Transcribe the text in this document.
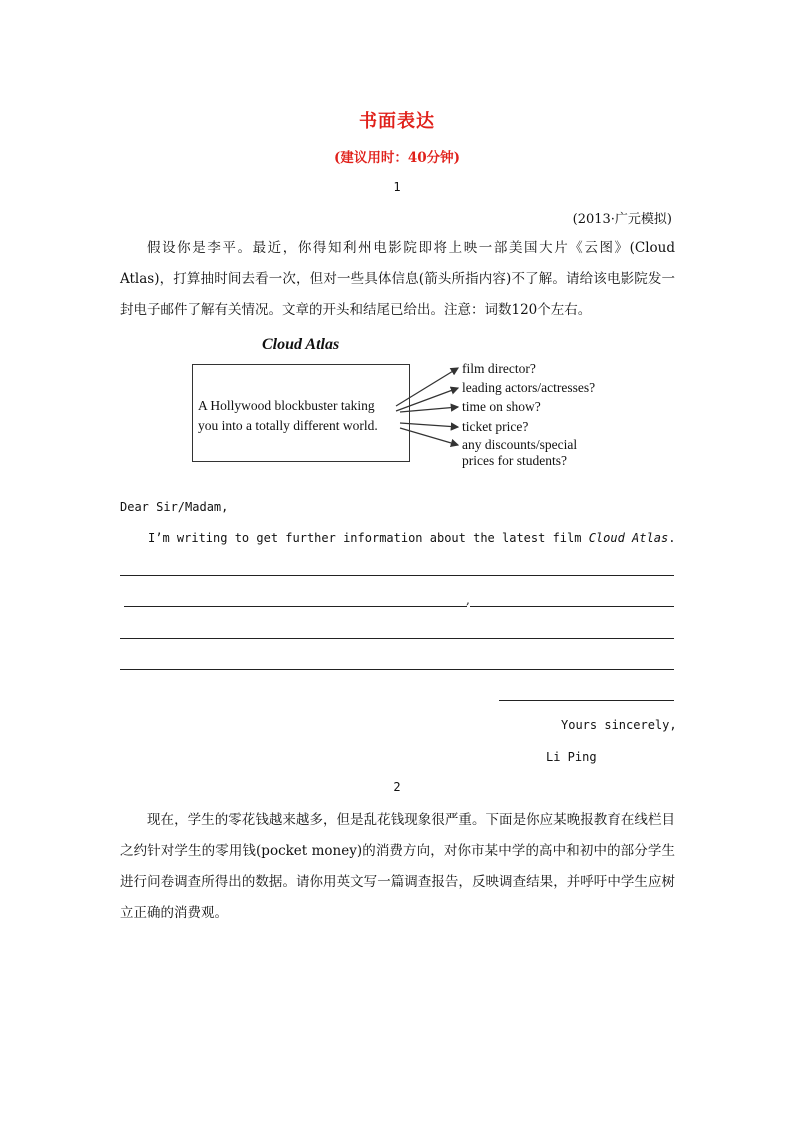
书面表达
(建议用时：40分钟)
1
(2013·广元模拟)
假设你是李平。最近，你得知利州电影院即将上映一部美国大片《云图》(Cloud Atlas)，打算抽时间去看一次，但对一些具体信息(箭头所指内容)不了解。请给该电影院发一封电子邮件了解有关情况。文章的开头和结尾已给出。注意：词数120个左右。
Cloud Atlas
A Hollywood blockbuster taking
you into a totally different world.
film director?
leading actors/actresses?
time on show?
ticket price?
any discounts/special
prices for students?
Dear Sir/Madam,
I’m writing to get further information about the latest film Cloud Atlas.
,
Yours sincerely,
Li Ping
2
现在，学生的零花钱越来越多，但是乱花钱现象很严重。下面是你应某晚报教育在线栏目之约针对学生的零用钱(pocket money)的消费方向，对你市某中学的高中和初中的部分学生进行问卷调查所得出的数据。请你用英文写一篇调查报告，反映调查结果，并呼吁中学生应树立正确的消费观。
